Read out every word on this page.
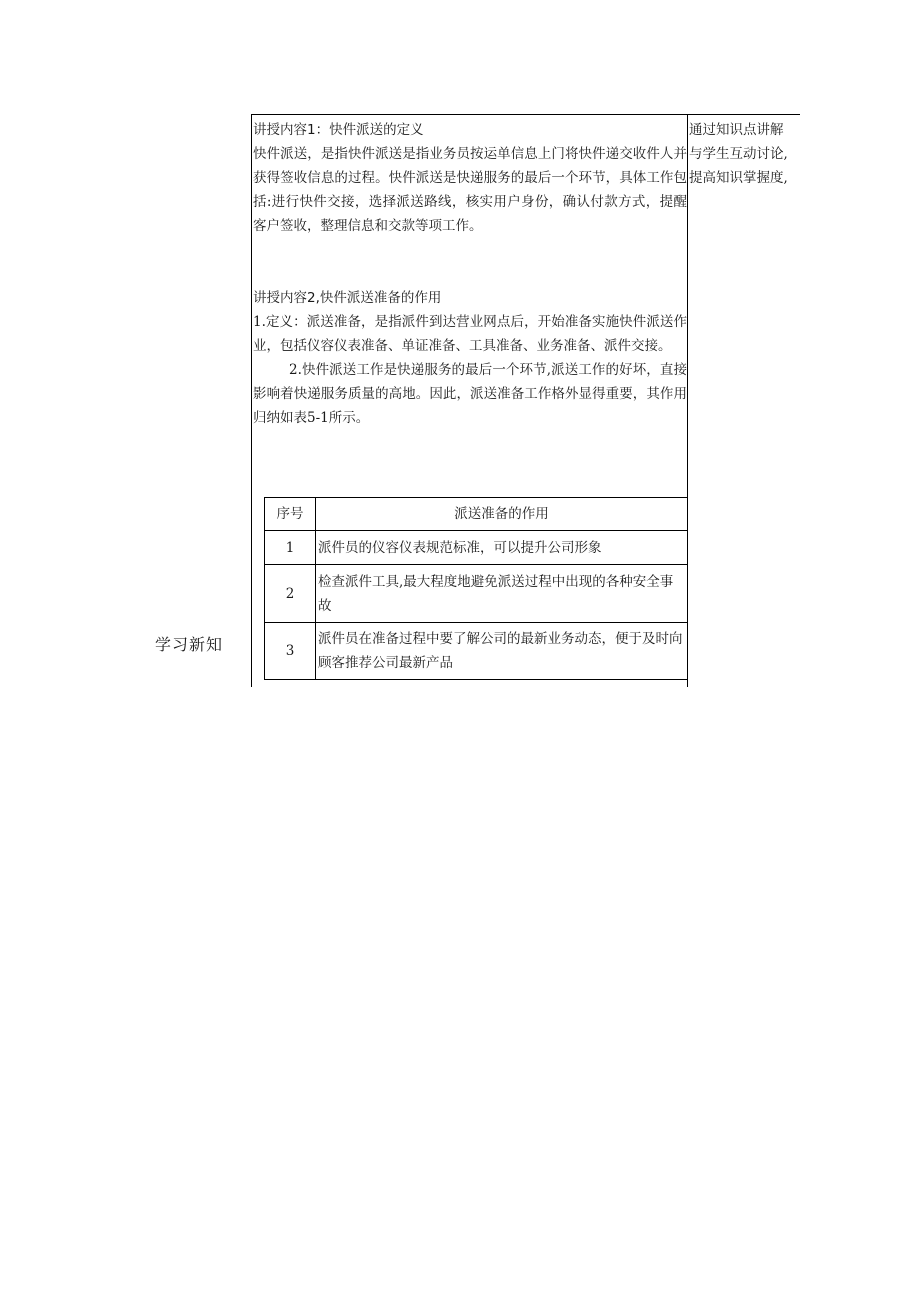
学习新知
讲授内容1：快件派送的定义

快件派送，是指快件派送是指业务员按运单信息上门将快件递交收件人并获得签收信息的过程。快件派送是快递服务的最后一个环节，具体工作包括:进行快件交接，选择派送路线，核实用户身份，确认付款方式，提醒客户签收，整理信息和交款等项工作。

讲授内容2,快件派送准备的作用

1.定义：派送准备，是指派件到达营业网点后，开始准备实施快件派送作业，包括仪容仪表准备、单证准备、工具准备、业务准备、派件交接。

2.快件派送工作是快递服务的最后一个环节,派送工作的好坏，直接影响着快递服务质量的高地。因此，派送准备工作格外显得重要，其作用归纳如表5-1所示。

通过知识点讲解
与学生互动讨论,
提高知识掌握度,
序号	派送准备的作用
1	派件员的仪容仪表规范标准，可以提升公司形象
2	检查派件工具,最大程度地避免派送过程中出现的各种安全事故
3	派件员在准备过程中要了解公司的最新业务动态，便于及时向顾客推荐公司最新产品
